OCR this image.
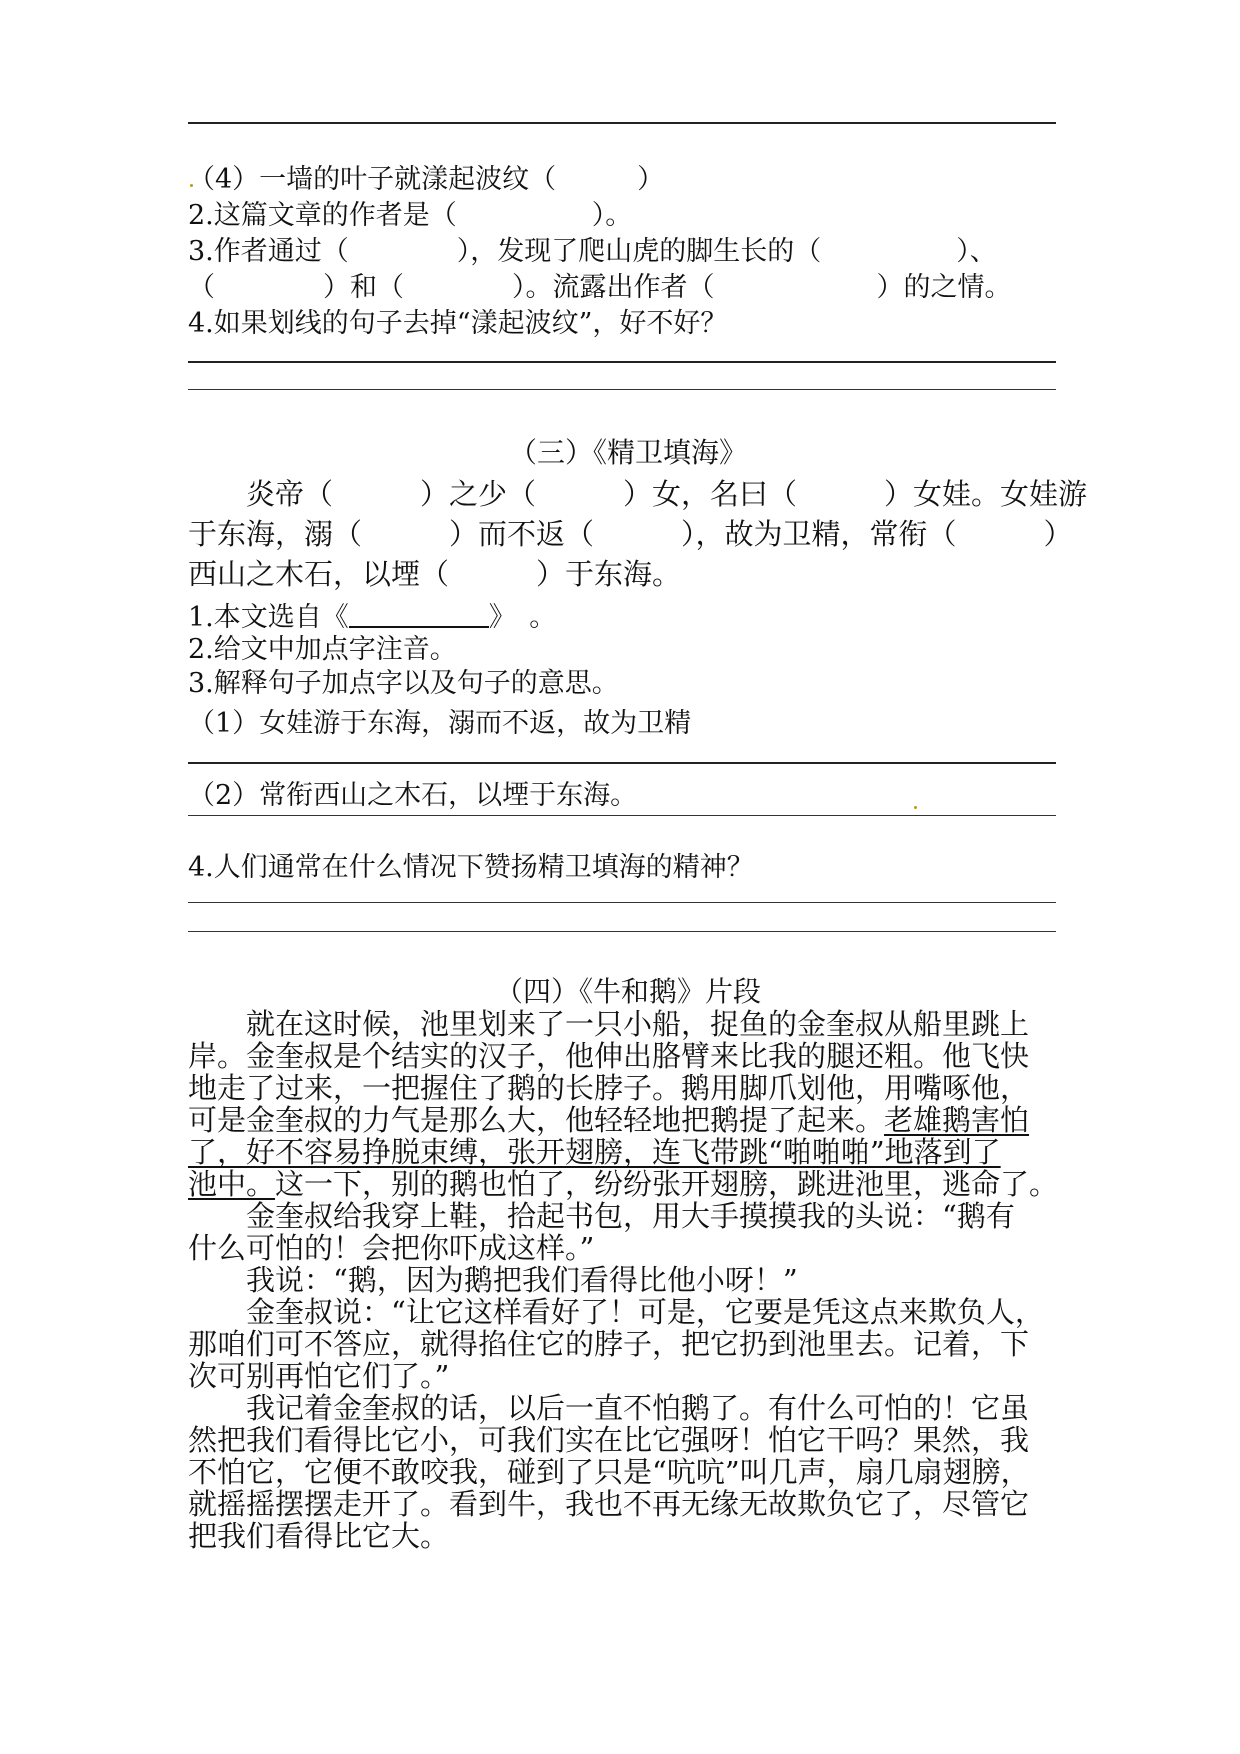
（4）一墙的叶子就漾起波纹（　　　）
2.这篇文章的作者是（　　　　　）。
3.作者通过（　　　　），发现了爬山虎的脚生长的（　　　　　）、
（　　　　）和（　　　　）。流露出作者（　　　　　　）的之情。
4.如果划线的句子去掉“漾起波纹”，好不好？
（三）《精卫填海》
　　炎帝（　　　）之少（　　　）女，名曰（　　　）女娃。女娃游
于东海，溺（　　　）而不返（　　　），故为卫精，常衔（　　　）
西山之木石，以堙（　　　）于东海。
1.本文选自《	》　。
2.给文中加点字注音。
3.解释句子加点字以及句子的意思。
（1）女娃游于东海，溺而不返，故为卫精
（2）常衔西山之木石，以堙于东海。
4.人们通常在什么情况下赞扬精卫填海的精神？
（四）《牛和鹅》片段
　　就在这时候，池里划来了一只小船，捉鱼的金奎叔从船里跳上
岸。金奎叔是个结实的汉子，他伸出胳臂来比我的腿还粗。他飞快
地走了过来，一把握住了鹅的长脖子。鹅用脚爪划他，用嘴啄他，
可是金奎叔的力气是那么大，他轻轻地把鹅提了起来。老雄鹅害怕
了，好不容易挣脱束缚，张开翅膀，连飞带跳“啪啪啪”地落到了
池中。这一下，别的鹅也怕了，纷纷张开翅膀，跳进池里，逃命了。
　　金奎叔给我穿上鞋，拾起书包，用大手摸摸我的头说：“鹅有
什么可怕的！会把你吓成这样。”
　　我说：“鹅，因为鹅把我们看得比他小呀！”
　　金奎叔说：“让它这样看好了！可是，它要是凭这点来欺负人，
那咱们可不答应，就得掐住它的脖子，把它扔到池里去。记着，下
次可别再怕它们了。”
　　我记着金奎叔的话，以后一直不怕鹅了。有什么可怕的！它虽
然把我们看得比它小，可我们实在比它强呀！怕它干吗？果然，我
不怕它，它便不敢咬我，碰到了只是“吭吭”叫几声，扇几扇翅膀，
就摇摇摆摆走开了。看到牛，我也不再无缘无故欺负它了，尽管它
把我们看得比它大。
